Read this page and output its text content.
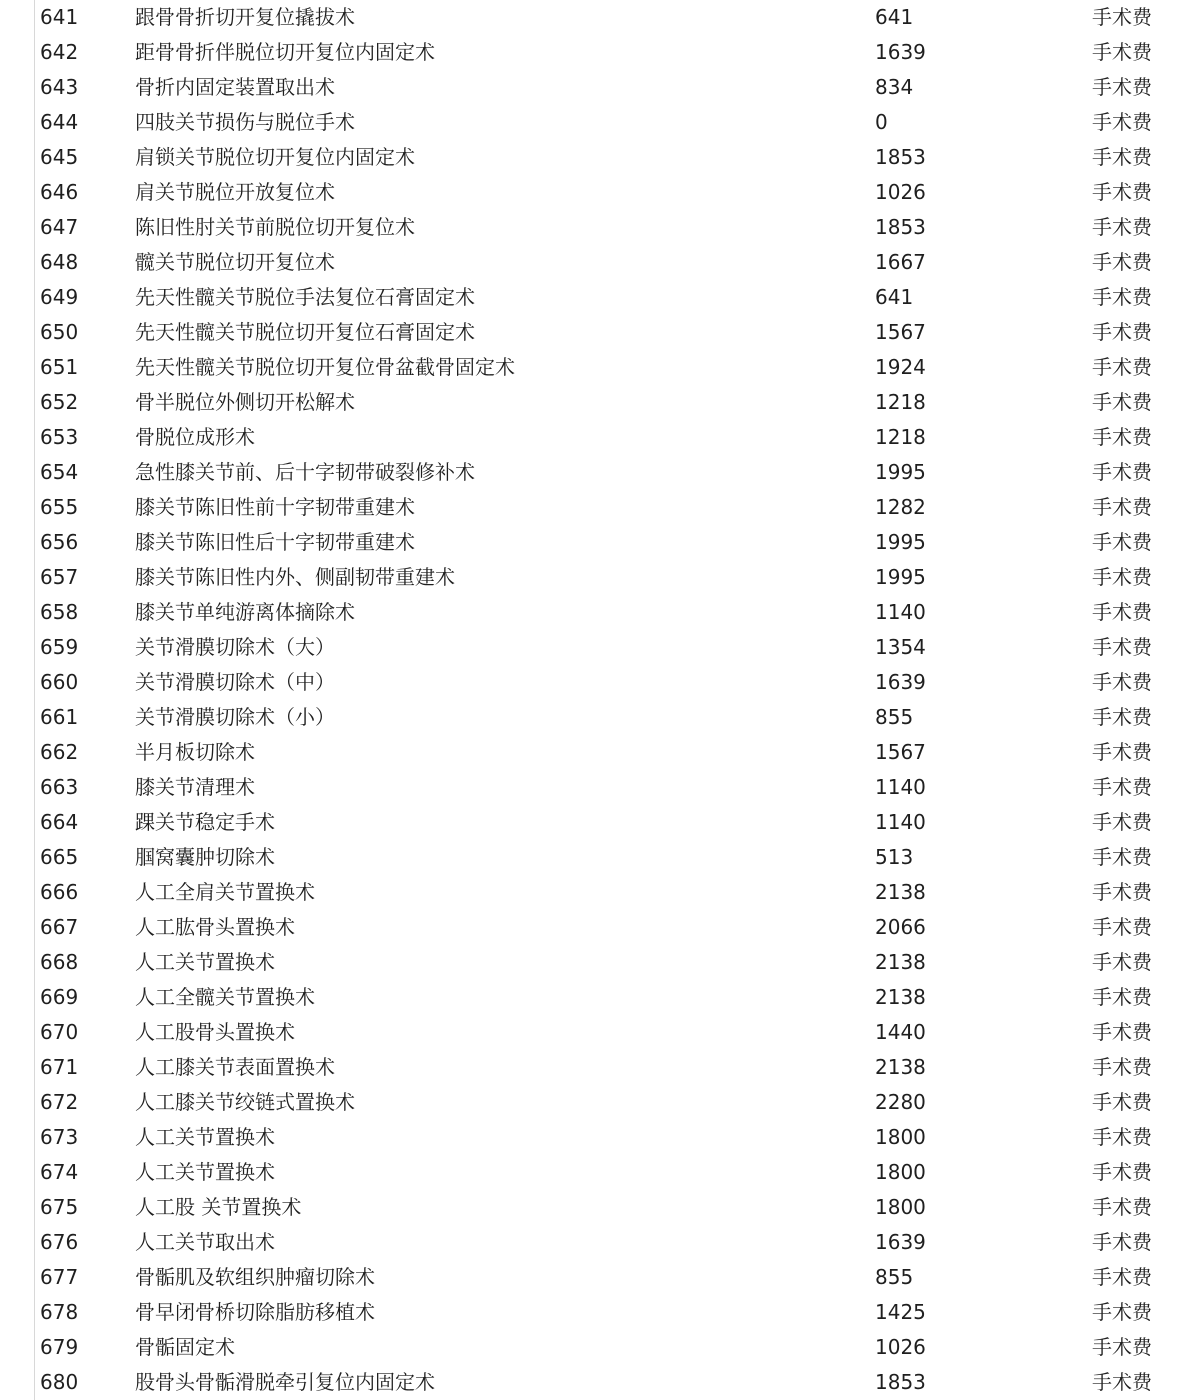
641	跟骨骨折切开复位撬拔术	641	手术费
642	距骨骨折伴脱位切开复位内固定术	1639	手术费
643	骨折内固定装置取出术	834	手术费
644	四肢关节损伤与脱位手术	0	手术费
645	肩锁关节脱位切开复位内固定术	1853	手术费
646	肩关节脱位开放复位术	1026	手术费
647	陈旧性肘关节前脱位切开复位术	1853	手术费
648	髋关节脱位切开复位术	1667	手术费
649	先天性髋关节脱位手法复位石膏固定术	641	手术费
650	先天性髋关节脱位切开复位石膏固定术	1567	手术费
651	先天性髋关节脱位切开复位骨盆截骨固定术	1924	手术费
652	骨半脱位外侧切开松解术	1218	手术费
653	骨脱位成形术	1218	手术费
654	急性膝关节前、后十字韧带破裂修补术	1995	手术费
655	膝关节陈旧性前十字韧带重建术	1282	手术费
656	膝关节陈旧性后十字韧带重建术	1995	手术费
657	膝关节陈旧性内外、侧副韧带重建术	1995	手术费
658	膝关节单纯游离体摘除术	1140	手术费
659	关节滑膜切除术（大）	1354	手术费
660	关节滑膜切除术（中）	1639	手术费
661	关节滑膜切除术（小）	855	手术费
662	半月板切除术	1567	手术费
663	膝关节清理术	1140	手术费
664	踝关节稳定手术	1140	手术费
665	腘窝囊肿切除术	513	手术费
666	人工全肩关节置换术	2138	手术费
667	人工肱骨头置换术	2066	手术费
668	人工关节置换术	2138	手术费
669	人工全髋关节置换术	2138	手术费
670	人工股骨头置换术	1440	手术费
671	人工膝关节表面置换术	2138	手术费
672	人工膝关节绞链式置换术	2280	手术费
673	人工关节置换术	1800	手术费
674	人工关节置换术	1800	手术费
675	人工股 关节置换术	1800	手术费
676	人工关节取出术	1639	手术费
677	骨骺肌及软组织肿瘤切除术	855	手术费
678	骨早闭骨桥切除脂肪移植术	1425	手术费
679	骨骺固定术	1026	手术费
680	股骨头骨骺滑脱牵引复位内固定术	1853	手术费
